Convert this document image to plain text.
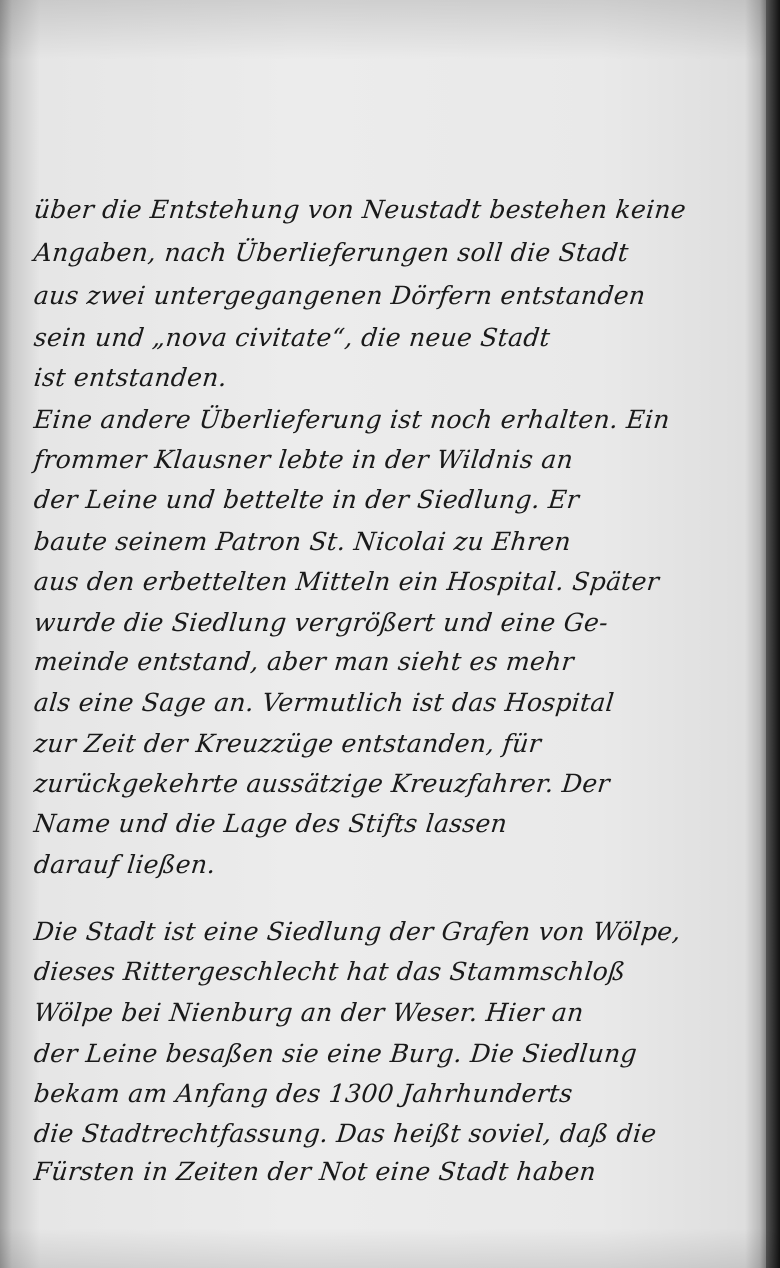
über die Entstehung von Neustadt bestehen keine
Angaben, nach Überlieferungen soll die Stadt
aus zwei untergegangenen Dörfern entstanden
sein und „nova civitate“, die neue Stadt
ist entstanden.
Eine andere Überlieferung ist noch erhalten. Ein
frommer Klausner lebte in der Wildnis an
der Leine und bettelte in der Siedlung. Er
baute seinem Patron St. Nicolai zu Ehren
aus den erbettelten Mitteln ein Hospital. Später
wurde die Siedlung vergrößert und eine Ge-
meinde entstand, aber man sieht es mehr
als eine Sage an. Vermutlich ist das Hospital
zur Zeit der Kreuzzüge entstanden, für
zurückgekehrte aussätzige Kreuzfahrer. Der
Name und die Lage des Stifts lassen
darauf ließen.
Die Stadt ist eine Siedlung der Grafen von Wölpe,
dieses Rittergeschlecht hat das Stammschloß
Wölpe bei Nienburg an der Weser. Hier an
der Leine besaßen sie eine Burg. Die Siedlung
bekam am Anfang des 1300 Jahrhunderts
die Stadtrechtfassung. Das heißt soviel, daß die
Fürsten in Zeiten der Not eine Stadt haben
